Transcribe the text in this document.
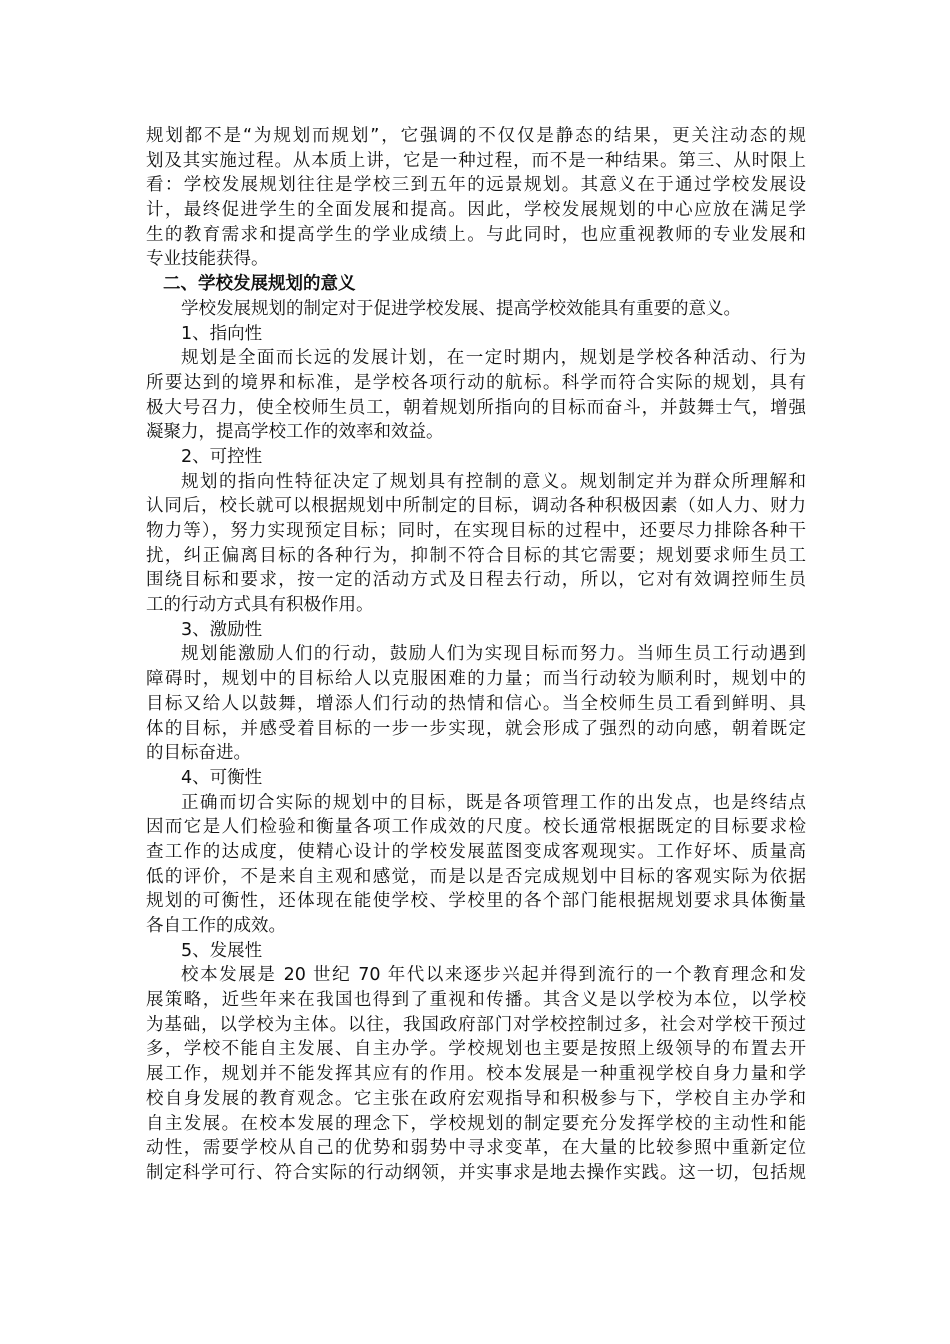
规划都不是“为规划而规划”，它强调的不仅仅是静态的结果，更关注动态的规
划及其实施过程。从本质上讲，它是一种过程，而不是一种结果。第三、从时限上
看：学校发展规划往往是学校三到五年的远景规划。其意义在于通过学校发展设
计，最终促进学生的全面发展和提高。因此，学校发展规划的中心应放在满足学
生的教育需求和提高学生的学业成绩上。与此同时，也应重视教师的专业发展和
专业技能获得。
二、学校发展规划的意义
学校发展规划的制定对于促进学校发展、提高学校效能具有重要的意义。
1、指向性
规划是全面而长远的发展计划，在一定时期内，规划是学校各种活动、行为
所要达到的境界和标准，是学校各项行动的航标。科学而符合实际的规划，具有
极大号召力，使全校师生员工，朝着规划所指向的目标而奋斗，并鼓舞士气，增强
凝聚力，提高学校工作的效率和效益。
2、可控性
规划的指向性特征决定了规划具有控制的意义。规划制定并为群众所理解和
认同后，校长就可以根据规划中所制定的目标，调动各种积极因素（如人力、财力
物力等），努力实现预定目标；同时，在实现目标的过程中，还要尽力排除各种干
扰，纠正偏离目标的各种行为，抑制不符合目标的其它需要；规划要求师生员工
围绕目标和要求，按一定的活动方式及日程去行动，所以，它对有效调控师生员
工的行动方式具有积极作用。
3、激励性
规划能激励人们的行动，鼓励人们为实现目标而努力。当师生员工行动遇到
障碍时，规划中的目标给人以克服困难的力量；而当行动较为顺利时，规划中的
目标又给人以鼓舞，增添人们行动的热情和信心。当全校师生员工看到鲜明、具
体的目标，并感受着目标的一步一步实现，就会形成了强烈的动向感，朝着既定
的目标奋进。
4、可衡性
正确而切合实际的规划中的目标，既是各项管理工作的出发点，也是终结点
因而它是人们检验和衡量各项工作成效的尺度。校长通常根据既定的目标要求检
查工作的达成度，使精心设计的学校发展蓝图变成客观现实。工作好坏、质量高
低的评价，不是来自主观和感觉，而是以是否完成规划中目标的客观实际为依据
规划的可衡性，还体现在能使学校、学校里的各个部门能根据规划要求具体衡量
各自工作的成效。
5、发展性
校本发展是 20 世纪 70 年代以来逐步兴起并得到流行的一个教育理念和发
展策略，近些年来在我国也得到了重视和传播。其含义是以学校为本位，以学校
为基础，以学校为主体。以往，我国政府部门对学校控制过多，社会对学校干预过
多，学校不能自主发展、自主办学。学校规划也主要是按照上级领导的布置去开
展工作，规划并不能发挥其应有的作用。校本发展是一种重视学校自身力量和学
校自身发展的教育观念。它主张在政府宏观指导和积极参与下，学校自主办学和
自主发展。在校本发展的理念下，学校规划的制定要充分发挥学校的主动性和能
动性，需要学校从自己的优势和弱势中寻求变革，在大量的比较参照中重新定位
制定科学可行、符合实际的行动纲领，并实事求是地去操作实践。这一切，包括规
